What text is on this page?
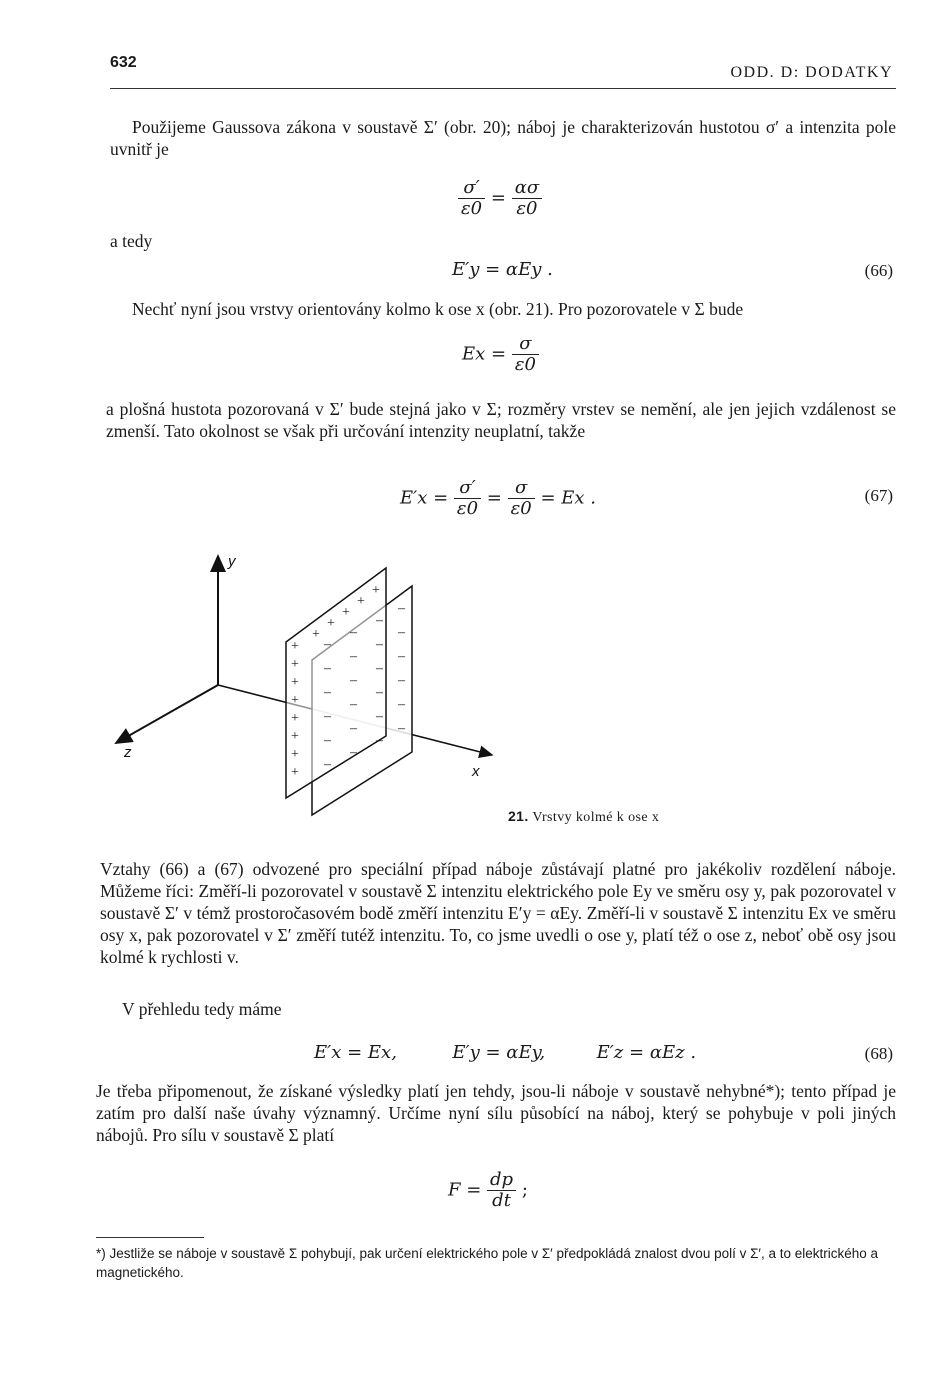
632
ODD. D: DODATKY

Použijeme Gaussova zákona v soustavě Σ′ (obr. 20); náboj je charakterizován hustotou σ′ a intenzita pole uvnitř je

$\frac{\sigma'}{\varepsilon 0} = \frac{\alpha\sigma}{\varepsilon 0}$
a tedy
E′y = αEy .	(66)

Nechť nyní jsou vrstvy orientovány kolmo k ose x (obr. 21). Pro pozorovatele v Σ bude

$Ex = \frac{\sigma}{\varepsilon 0}$

a plošná hustota pozorovaná v Σ′ bude stejná jako v Σ; rozměry vrstev se nemění, ale jen jejich vzdálenost se zmenší. Tato okolnost se však při určování intenzity neuplatní, takže

$E'x = \frac{\sigma'}{\varepsilon 0} = \frac{\sigma}{\varepsilon 0} = Ex$ .	(67)
y
z
x
+
+
+
+
+
+
+
+
+
+
+
+
+
–
–
–
–
–
–
–
–
–
–
–
–
–
–
–
–
–
–
–
–
–
–
–
–
21. Vrstvy kolmé k ose x

Vztahy (66) a (67) odvozené pro speciální případ náboje zůstávají platné pro jakékoliv rozdělení náboje. Můžeme říci: Změří-li pozorovatel v soustavě Σ intenzitu elektrického pole Ey ve směru osy y, pak pozorovatel v soustavě Σ′ v témž prostoročasovém bodě změří intenzitu E′y = αEy. Změří-li v soustavě Σ intenzitu Ex ve směru osy x, pak pozorovatel v Σ′ změří tutéž intenzitu. To, co jsme uvedli o ose y, platí též o ose z, neboť obě osy jsou kolmé k rychlosti v.

V přehledu tedy máme
E′x = Ex,	E′y = αEy,	E′z = αEz .	(68)

Je třeba připomenout, že získané výsledky platí jen tehdy, jsou-li náboje v soustavě nehybné*); tento případ je zatím pro další naše úvahy významný. Určíme nyní sílu působící na náboj, který se pohybuje v poli jiných nábojů. Pro sílu v soustavě Σ platí

$F = \frac{dp}{dt}$ ;
*) Jestliže se náboje v soustavě Σ pohybují, pak určení elektrického pole v Σ′ předpokládá znalost dvou polí v Σ′, a to elektrického a magnetického.
